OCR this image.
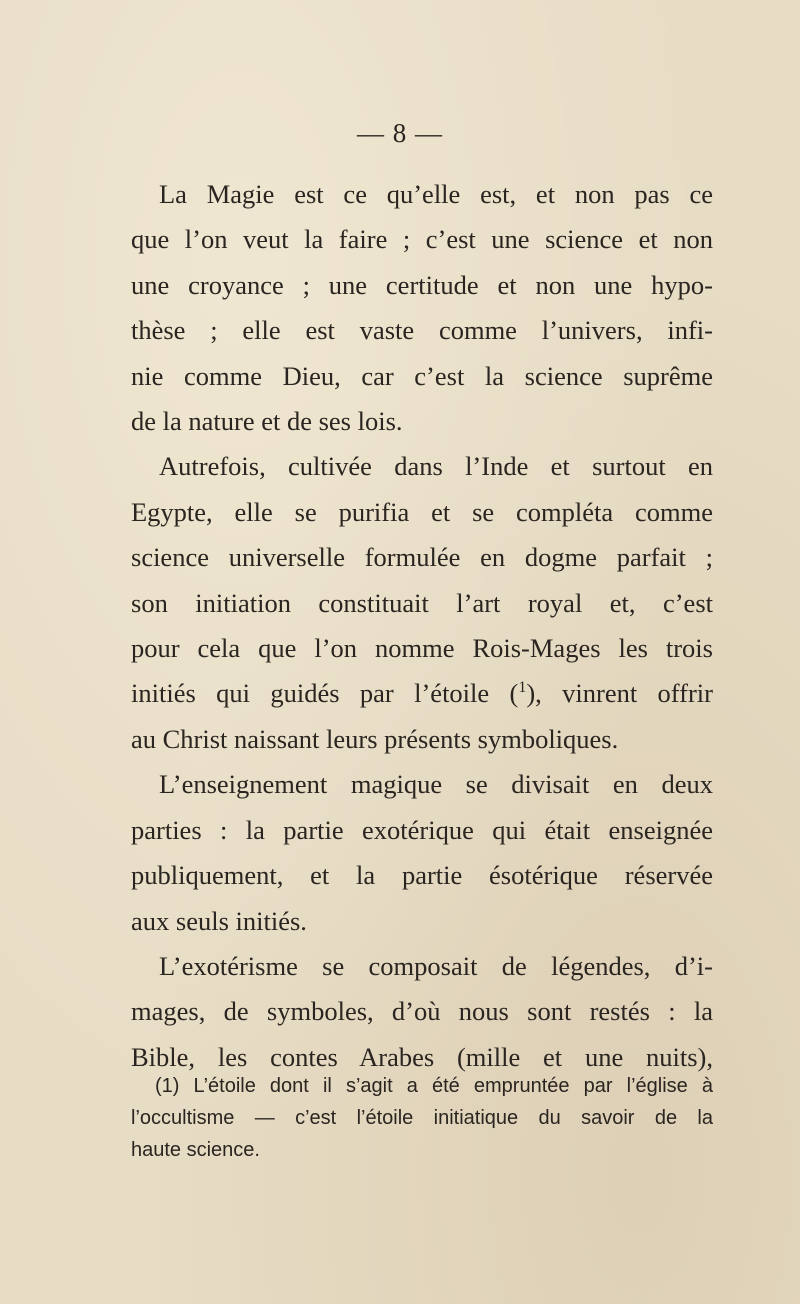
— 8 —
La Magie est ce qu’elle est, et non pas ce
que l’on veut la faire ; c’est une science et non
une croyance ; une certitude et non une hypo-
thèse ; elle est vaste comme l’univers, infi-
nie comme Dieu, car c’est la science suprême
de la nature et de ses lois.
Autrefois, cultivée dans l’Inde et surtout en
Egypte, elle se purifia et se compléta comme
science universelle formulée en dogme parfait ;
son initiation constituait l’art royal et, c’est
pour cela que l’on nomme Rois-Mages les trois
initiés qui guidés par l’étoile ($^1$), vinrent offrir
au Christ naissant leurs présents symboliques.
L’enseignement magique se divisait en deux
parties : la partie exotérique qui était enseignée
publiquement, et la partie ésotérique réservée
aux seuls initiés.
L’exotérisme se composait de légendes, d’i-
mages, de symboles, d’où nous sont restés : la
Bible, les contes Arabes (mille et une nuits),
(1) L’étoile dont il s’agit a été empruntée par l’église à
l’occultisme — c’est l’étoile initiatique du savoir de la
haute science.
